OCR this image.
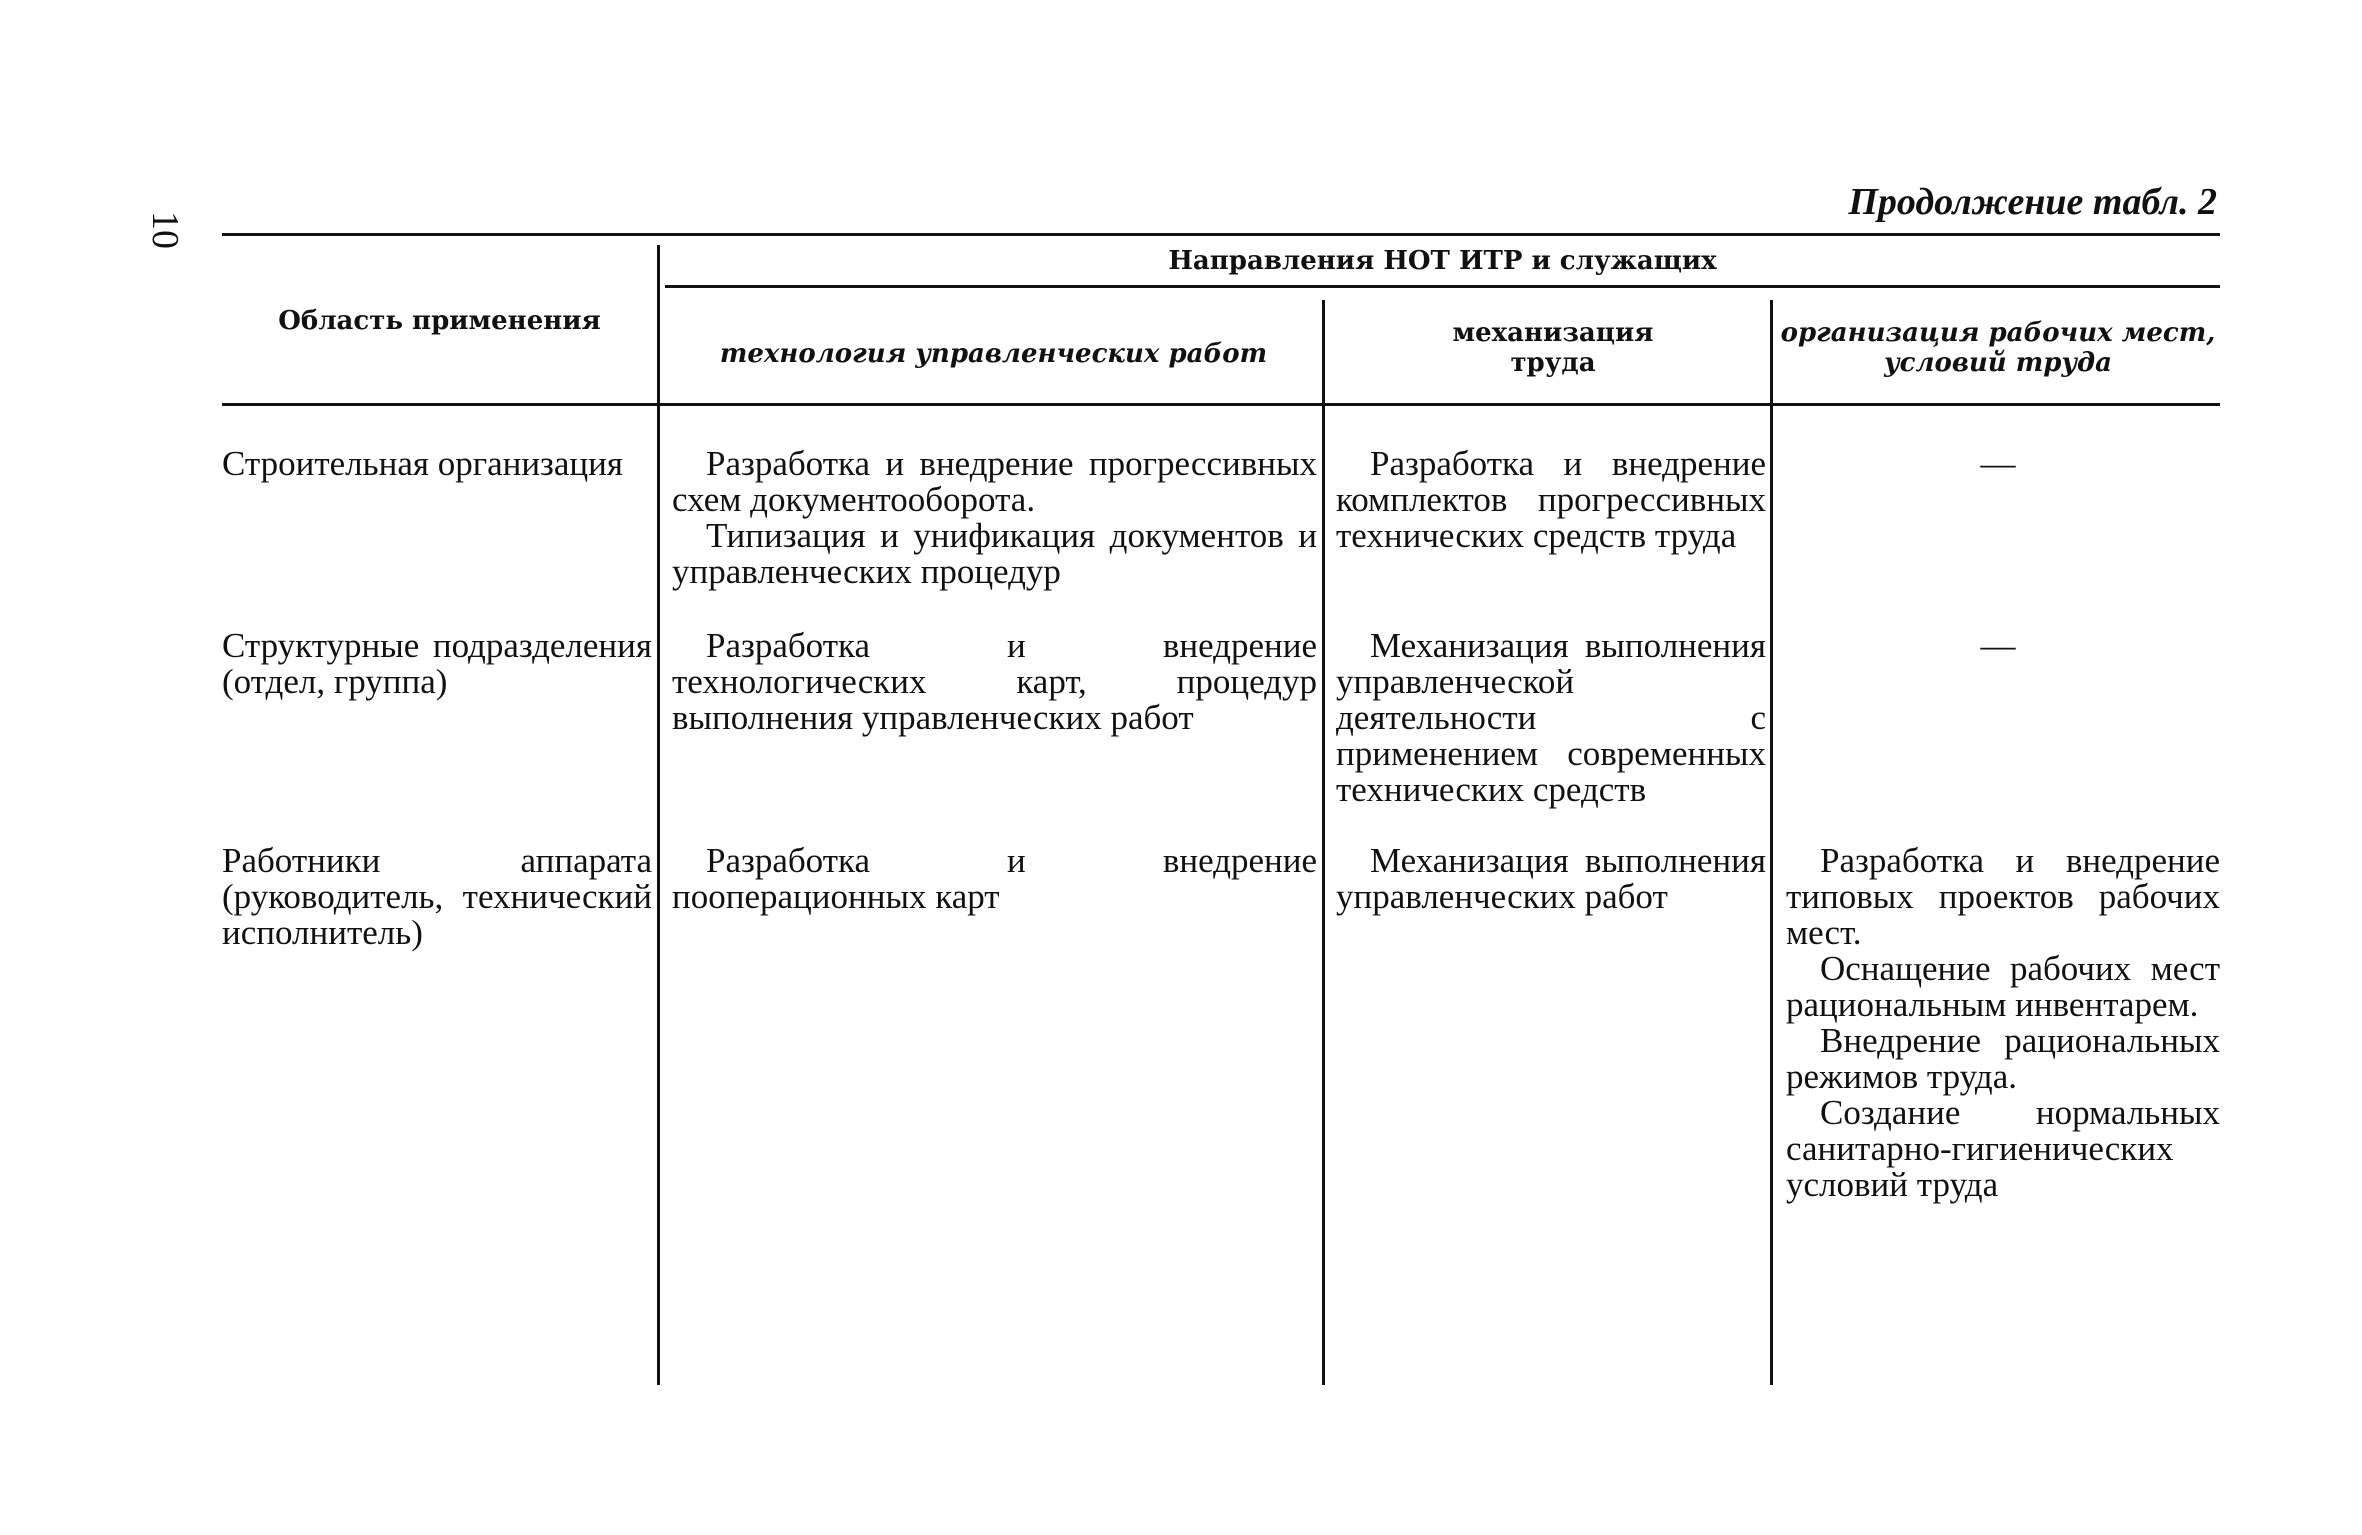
10
Продолжение табл. 2
Область применения
Направления НОТ ИТР и служащих
технология управленческих работ
механизация труда
организация рабочих мест, условий труда

Строительная организация	Разработка и внедрение прогрессивных схем документооборота.

Типизация и унификация документов и управленческих процедур

Разработка и внедрение комплектов прогрессивных технических средств труда

—

Структурные подразделения (отдел, группа)

Разработка и внедрение технологических карт, процедур выполнения управленческих работ

Механизация выполнения управленческой деятельности с применением современных технических средств

—

Работники аппарата (руководитель, технический исполнитель)

Разработка и внедрение пооперационных карт

Механизация выполнения управленческих работ

Разработка и внедрение типовых проектов рабочих мест.

Оснащение рабочих мест рациональным инвентарем.

Внедрение рациональных режимов труда.

Создание нормальных санитарно-гигиенических условий труда
